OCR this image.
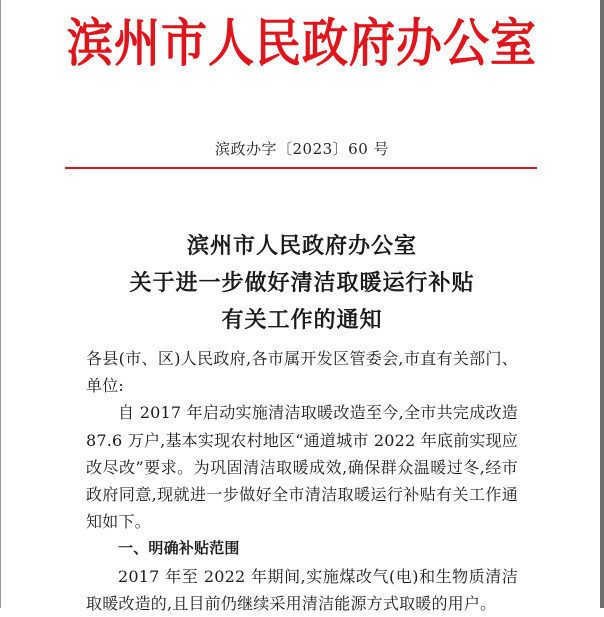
滨州市人民政府办公室
滨政办字〔2023〕60 号
滨州市人民政府办公室
关于进一步做好清洁取暖运行补贴
有关工作的通知

各县(市、区)人民政府,各市属开发区管委会,市直有关部门、单位:

自 2017 年启动实施清洁取暖改造至今,全市共完成改造 87.6 万户,基本实现农村地区“通道城市 2022 年底前实现应改尽改”要求。为巩固清洁取暖成效,确保群众温暖过冬,经市政府同意,现就进一步做好全市清洁取暖运行补贴有关工作通知如下。

一、明确补贴范围

2017 年至 2022 年期间,实施煤改气(电)和生物质清洁取暖改造的,且目前仍继续采用清洁能源方式取暖的用户。
